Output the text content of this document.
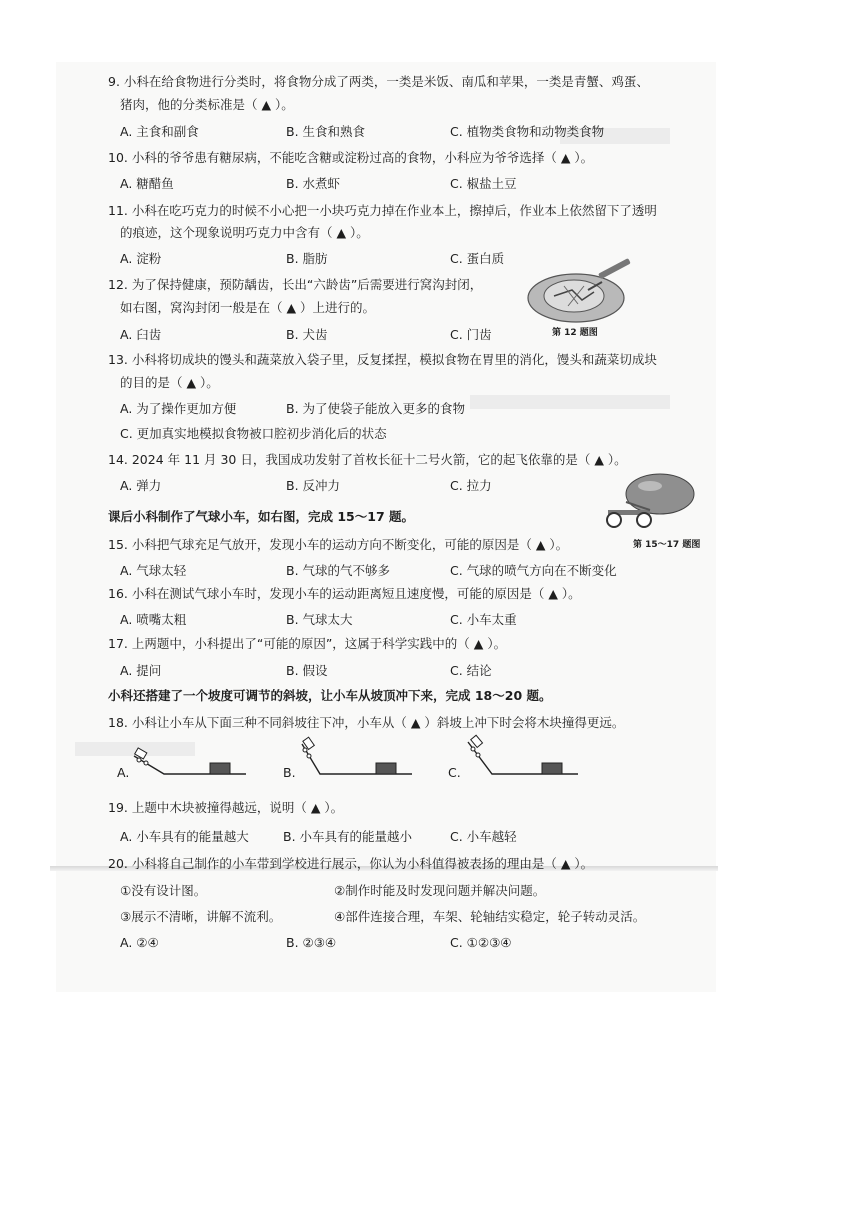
9. 小科在给食物进行分类时，将食物分成了两类，一类是米饭、南瓜和苹果，一类是青蟹、鸡蛋、
猪肉，他的分类标准是（ ▲ ）。
A. 主食和副食	B. 生食和熟食	C. 植物类食物和动物类食物
10. 小科的爷爷患有糖尿病，不能吃含糖或淀粉过高的食物，小科应为爷爷选择（ ▲ ）。
A. 糖醋鱼	B. 水煮虾	C. 椒盐土豆
11. 小科在吃巧克力的时候不小心把一小块巧克力掉在作业本上，擦掉后，作业本上依然留下了透明
的痕迹，这个现象说明巧克力中含有（ ▲ ）。
A. 淀粉	B. 脂肪	C. 蛋白质
12. 为了保持健康，预防龋齿，长出“六龄齿”后需要进行窝沟封闭，
如右图，窝沟封闭一般是在（ ▲ ）上进行的。
A. 臼齿	B. 犬齿	C. 门齿	第 12 题图
13. 小科将切成块的馒头和蔬菜放入袋子里，反复揉捏，模拟食物在胃里的消化，馒头和蔬菜切成块
的目的是（ ▲ ）。
A. 为了操作更加方便	B. 为了使袋子能放入更多的食物
C. 更加真实地模拟食物被口腔初步消化后的状态
14. 2024 年 11 月 30 日，我国成功发射了首枚长征十二号火箭，它的起飞依靠的是（ ▲ ）。
A. 弹力	B. 反冲力	C. 拉力
课后小科制作了气球小车，如右图，完成 15～17 题。
15. 小科把气球充足气放开，发现小车的运动方向不断变化，可能的原因是（ ▲ ）。	第 15～17 题图
A. 气球太轻	B. 气球的气不够多	C. 气球的喷气方向在不断变化
16. 小科在测试气球小车时，发现小车的运动距离短且速度慢，可能的原因是（ ▲ ）。
A. 喷嘴太粗	B. 气球太大	C. 小车太重
17. 上两题中，小科提出了“可能的原因”，这属于科学实践中的（ ▲ ）。
A. 提问	B. 假设	C. 结论
小科还搭建了一个坡度可调节的斜坡，让小车从坡顶冲下来，完成 18～20 题。
18. 小科让小车从下面三种不同斜坡往下冲，小车从（ ▲ ）斜坡上冲下时会将木块撞得更远。
A.	B.	C.
19. 上题中木块被撞得越远，说明（ ▲ ）。
A. 小车具有的能量越大	B. 小车具有的能量越小	C. 小车越轻
20. 小科将自己制作的小车带到学校进行展示，你认为小科值得被表扬的理由是（ ▲ ）。
①没有设计图。	②制作时能及时发现问题并解决问题。
③展示不清晰，讲解不流利。	④部件连接合理，车架、轮轴结实稳定，轮子转动灵活。
A. ②④	B. ②③④	C. ①②③④
